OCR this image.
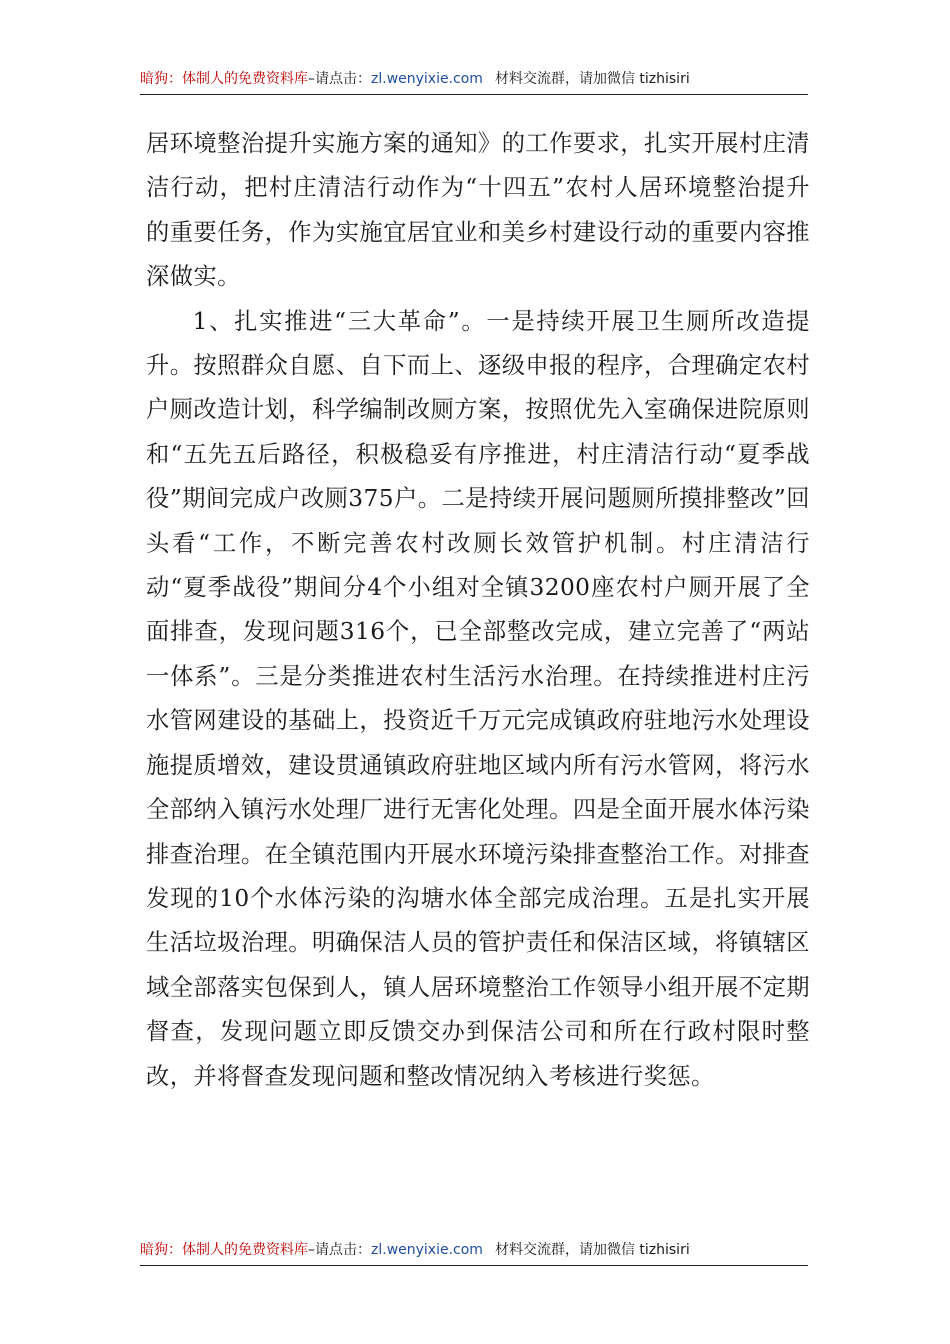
暗狗：体制人的免费资料库–请点击：zl.wenyixie.com 材料交流群，请加微信 tizhisiri

居环境整治提升实施方案的通知》的工作要求，扎实开展村庄清洁行动，把村庄清洁行动作为“十四五”农村人居环境整治提升的重要任务，作为实施宜居宜业和美乡村建设行动的重要内容推深做实。

1、扎实推进“三大革命”。一是持续开展卫生厕所改造提升。按照群众自愿、自下而上、逐级申报的程序，合理确定农村户厕改造计划，科学编制改厕方案，按照优先入室确保进院原则和“五先五后路径，积极稳妥有序推进，村庄清洁行动“夏季战役”期间完成户改厕375户。二是持续开展问题厕所摸排整改”回头看“工作，不断完善农村改厕长效管护机制。村庄清洁行动“夏季战役”期间分4个小组对全镇3200座农村户厕开展了全面排查，发现问题316个，已全部整改完成，建立完善了“两站一体系”。三是分类推进农村生活污水治理。在持续推进村庄污水管网建设的基础上，投资近千万元完成镇政府驻地污水处理设施提质增效，建设贯通镇政府驻地区域内所有污水管网，将污水全部纳入镇污水处理厂进行无害化处理。四是全面开展水体污染排查治理。在全镇范围内开展水环境污染排查整治工作。对排查发现的10个水体污染的沟塘水体全部完成治理。五是扎实开展生活垃圾治理。明确保洁人员的管护责任和保洁区域，将镇辖区域全部落实包保到人，镇人居环境整治工作领导小组开展不定期督查，发现问题立即反馈交办到保洁公司和所在行政村限时整改，并将督查发现问题和整改情况纳入考核进行奖惩。

暗狗：体制人的免费资料库–请点击：zl.wenyixie.com 材料交流群，请加微信 tizhisiri
